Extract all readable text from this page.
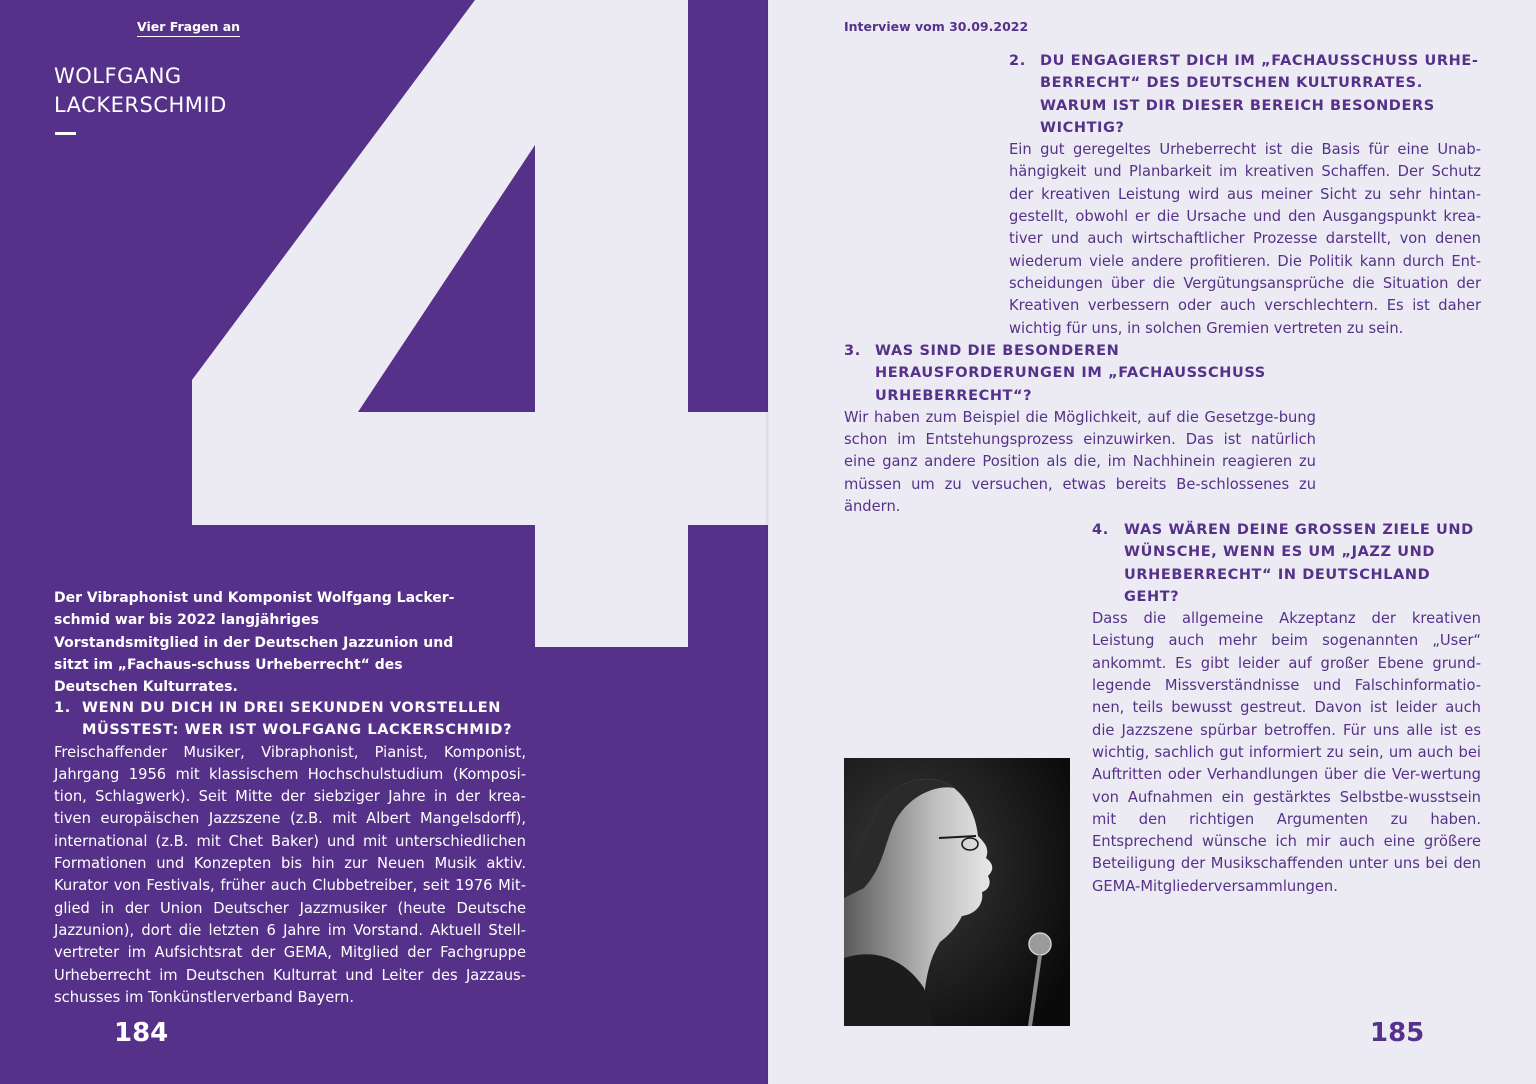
Vier Fragen an
WOLFGANG
LACKERSCHMID

Der Vibraphonist und Komponist Wolfgang Lacker-schmid war bis 2022 langjähriges Vorstandsmitglied in der Deutschen Jazzunion und sitzt im „Fachaus-schuss Urheberrecht“ des Deutschen Kulturrates.

1. WENN DU DICH IN DREI SEKUNDEN VORSTELLEN MÜSSTEST: WER IST WOLFGANG LACKERSCHMID?

Freischaffender Musiker, Vibraphonist, Pianist, Komponist, Jahrgang 1956 mit klassischem Hochschulstudium (Komposi-tion, Schlagwerk). Seit Mitte der siebziger Jahre in der krea-tiven europäischen Jazzszene (z.B. mit Albert Mangelsdorff), international (z.B. mit Chet Baker) und mit unterschiedlichen Formationen und Konzepten bis hin zur Neuen Musik aktiv. Kurator von Festivals, früher auch Clubbetreiber, seit 1976 Mit-glied in der Union Deutscher Jazzmusiker (heute Deutsche Jazzunion), dort die letzten 6 Jahre im Vorstand. Aktuell Stell-vertreter im Aufsichtsrat der GEMA, Mitglied der Fachgruppe Urheberrecht im Deutschen Kulturrat und Leiter des Jazzaus-schusses im Tonkünstlerverband Bayern.

184

Interview vom 30.09.2022
2. DU ENGAGIERST DICH IM „FACHAUSSCHUSS URHE-BERRECHT“ DES DEUTSCHEN KULTURRATES. WARUM IST DIR DIESER BEREICH BESONDERS WICHTIG?

Ein gut geregeltes Urheberrecht ist die Basis für eine Unab-hängigkeit und Planbarkeit im kreativen Schaffen. Der Schutz der kreativen Leistung wird aus meiner Sicht zu sehr hintan-gestellt, obwohl er die Ursache und den Ausgangspunkt krea-tiver und auch wirtschaftlicher Prozesse darstellt, von denen wiederum viele andere profitieren. Die Politik kann durch Ent-scheidungen über die Vergütungsansprüche die Situation der Kreativen verbessern oder auch verschlechtern. Es ist daher wichtig für uns, in solchen Gremien vertreten zu sein.

3. WAS SIND DIE BESONDEREN HERAUSFORDERUNGEN IM „FACHAUSSCHUSS URHEBERRECHT“?

Wir haben zum Beispiel die Möglichkeit, auf die Gesetzge-bung schon im Entstehungsprozess einzuwirken. Das ist natürlich eine ganz andere Position als die, im Nachhinein reagieren zu müssen um zu versuchen, etwas bereits Be-schlossenes zu ändern.

4.	WAS WÄREN DEINE GROSSEN ZIELE UND WÜNSCHE, WENN ES UM „JAZZ UND URHEBERRECHT“ IN DEUTSCHLAND GEHT?

Dass die allgemeine Akzeptanz der kreativen Leistung auch mehr beim sogenannten „User“ ankommt. Es gibt leider auf großer Ebene grund-legende Missverständnisse und Falschinformatio-nen, teils bewusst gestreut. Davon ist leider auch die Jazzszene spürbar betroffen. Für uns alle ist es wichtig, sachlich gut informiert zu sein, um auch bei Auftritten oder Verhandlungen über die Ver-wertung von Aufnahmen ein gestärktes Selbstbe-wusstsein mit den richtigen Argumenten zu haben. Entsprechend wünsche ich mir auch eine größere Beteiligung der Musikschaffenden unter uns bei den GEMA-Mitgliederversammlungen.

185
